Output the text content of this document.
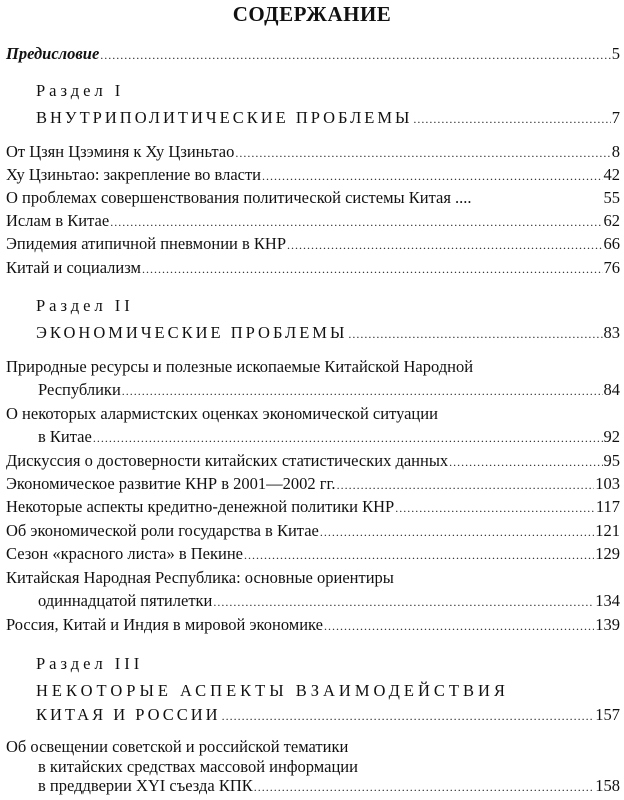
СОДЕРЖАНИЕ
Предисловие .....	5
Раздел I
ВНУТРИПОЛИТИЧЕСКИЕ ПРОБЛЕМЫ .....	7
От Цзян Цзэминя к Ху Цзиньтао .....	8
Ху Цзиньтао: закрепление во власти .....	42
О проблемах совершенствования политической системы Китая ....	55
Ислам в Китае .....	62
Эпидемия атипичной пневмонии в КНР .....	66
Китай и социализм .....	76
Раздел II
ЭКОНОМИЧЕСКИЕ ПРОБЛЕМЫ .....	83
Природные ресурсы и полезные ископаемые Китайской Народной
Республики .....	84
О некоторых алармистских оценках экономической ситуации
в Китае .....	92
Дискуссия о достоверности китайских статистических данных .....	95
Экономическое развитие КНР в 2001—2002 гг. .....	103
Некоторые аспекты кредитно-денежной политики КНР .....	117
Об экономической роли государства в Китае .....	121
Сезон «красного листа» в Пекине .....	129
Китайская Народная Республика: основные ориентиры
одиннадцатой пятилетки .....	134
Россия, Китай и Индия в мировой экономике .....	139
Раздел III
НЕКОТОРЫЕ АСПЕКТЫ ВЗАИМОДЕЙСТВИЯ
КИТАЯ И РОССИИ .....	157
Об освещении советской и российской тематики
в китайских средствах массовой информации
в преддверии XYI съезда КПК .....	158
